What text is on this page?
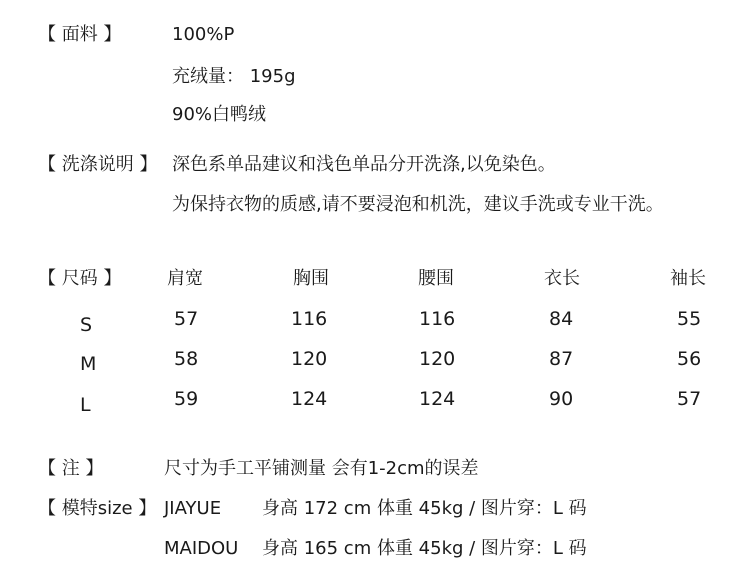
【 面料 】	100%P
充绒量： 195g
90%白鸭绒
【 洗涤说明 】 深色系单品建议和浅色单品分开洗涤,以免染色。
为保持衣物的质感,请不要浸泡和机洗，建议手洗或专业干洗。
【 尺码 】	肩宽	胸围	腰围	衣长	袖长
S	57	116	116	84	55
M	58	120	120	87	56
L	59	124	124	90	57
【 注 】	尺寸为手工平铺测量 会有1-2cm的误差
【 模特size 】 JIAYUE 身高 172 cm 体重 45kg / 图片穿：L 码
MAIDOU 身高 165 cm 体重 45kg / 图片穿：L 码
